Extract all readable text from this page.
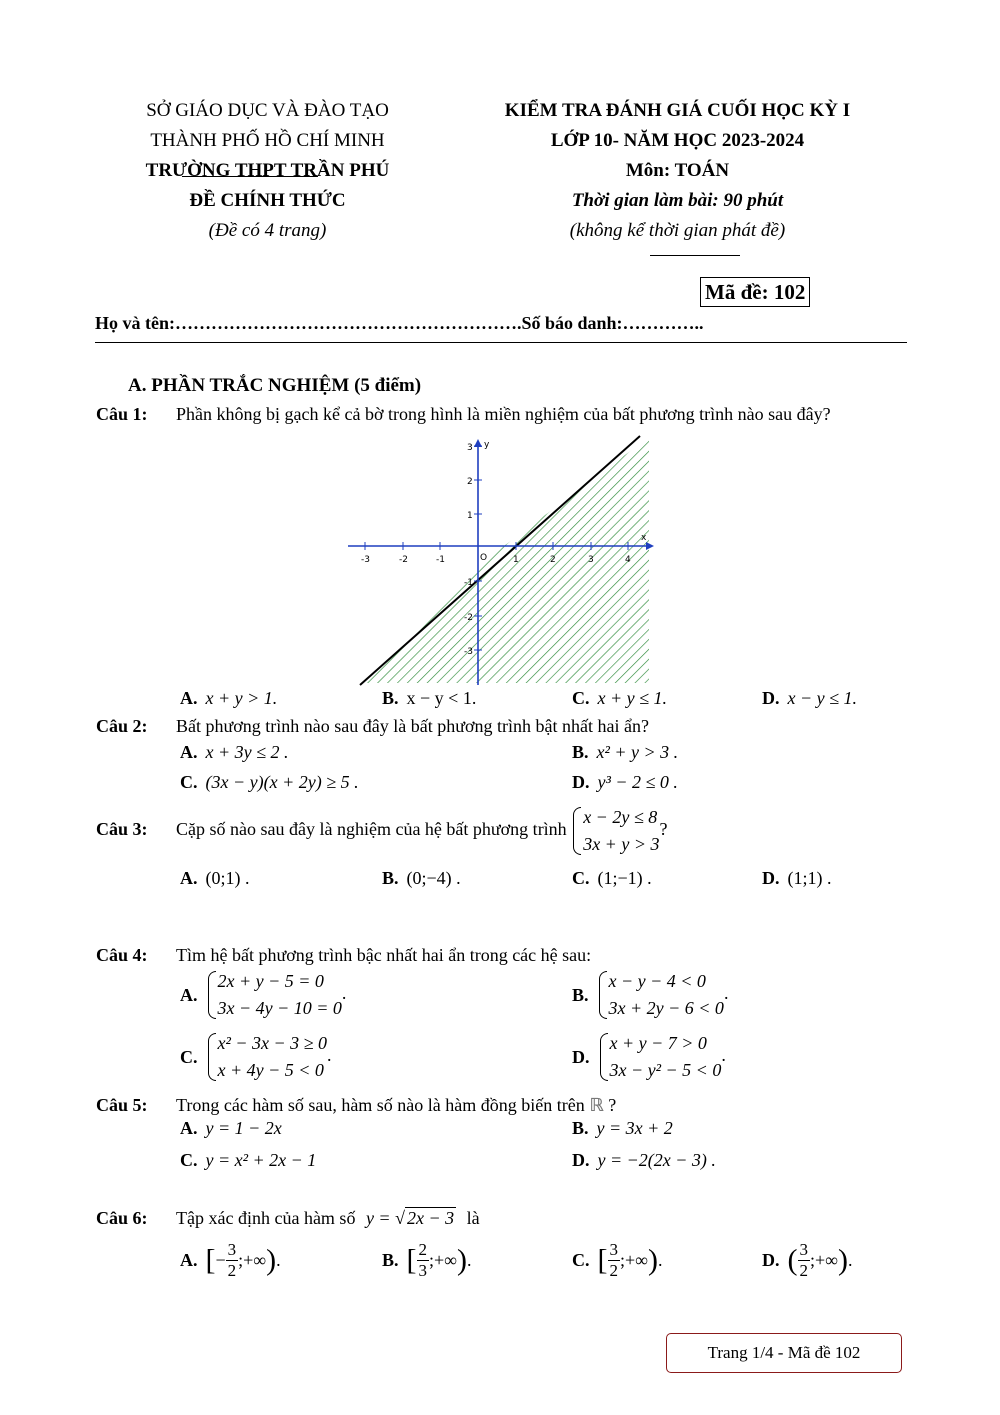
SỞ GIÁO DỤC VÀ ĐÀO TẠO
THÀNH PHỐ HỒ CHÍ MINH
TRƯỜNG THPT TRẦN PHÚ
ĐỀ CHÍNH THỨC
(Đề có 4 trang)
KIỂM TRA ĐÁNH GIÁ CUỐI HỌC KỲ I
LỚP 10- NĂM HỌC 2023-2024
Môn: TOÁN
Thời gian làm bài: 90 phút
(không kể thời gian phát đề)
Mã đề: 102
Họ và tên:………………………………………………….Số báo danh:…………..
A. PHẦN TRẮC NGHIỆM (5 điểm)
Câu 1: Phần không bị gạch kể cả bờ trong hình là miền nghiệm của bất phương trình nào sau đây?
-3	-2	-1	O	1	2	3	4
3
2
1
-1
-2
-3
x
y
A. x + y > 1.	B. x − y < 1.	C. x + y ≤ 1.	D. x − y ≤ 1.
Câu 2: Bất phương trình nào sau đây là bất phương trình bật nhất hai ẩn?
A. x + 3y ≤ 2 .	B. x² + y > 3 .
C. (3x − y)(x + 2y) ≥ 5 .	D. y³ − 2 ≤ 0 .
Câu 3: Cặp số nào sau đây là nghiệm của hệ bất phương trình
x − 2y ≤ 8
3x + y > 3
?
A. (0;1) .	B. (0;−4) .	C. (1;−1) .	D. (1;1) .
Câu 4: Tìm hệ bất phương trình bậc nhất hai ẩn trong các hệ sau:
A.
2x + y − 5 = 0
3x − 4y − 10 = 0
.	B.
x − y − 4 < 0
3x + 2y − 6 < 0
.
C.
x² − 3x − 3 ≥ 0
x + 4y − 5 < 0
.	D.
x + y − 7 > 0
3x − y² − 5 < 0
.
Câu 5: Trong các hàm số sau, hàm số nào là hàm đồng biến trên ℝ ?
A. y = 1 − 2x	B. y = 3x + 2
C. y = x² + 2x − 1	D. y = −2(2x − 3) .
Câu 6: Tập xác định của hàm số y = √ 2x − 3 là
A. [− $\frac{3}{2}$ ;+∞).	B. [ $\frac{2}{3}$ ;+∞).	C. [ $\frac{3}{2}$ ;+∞).	D. ( $\frac{3}{2}$ ;+∞).
Trang 1/4 - Mã đề 102
